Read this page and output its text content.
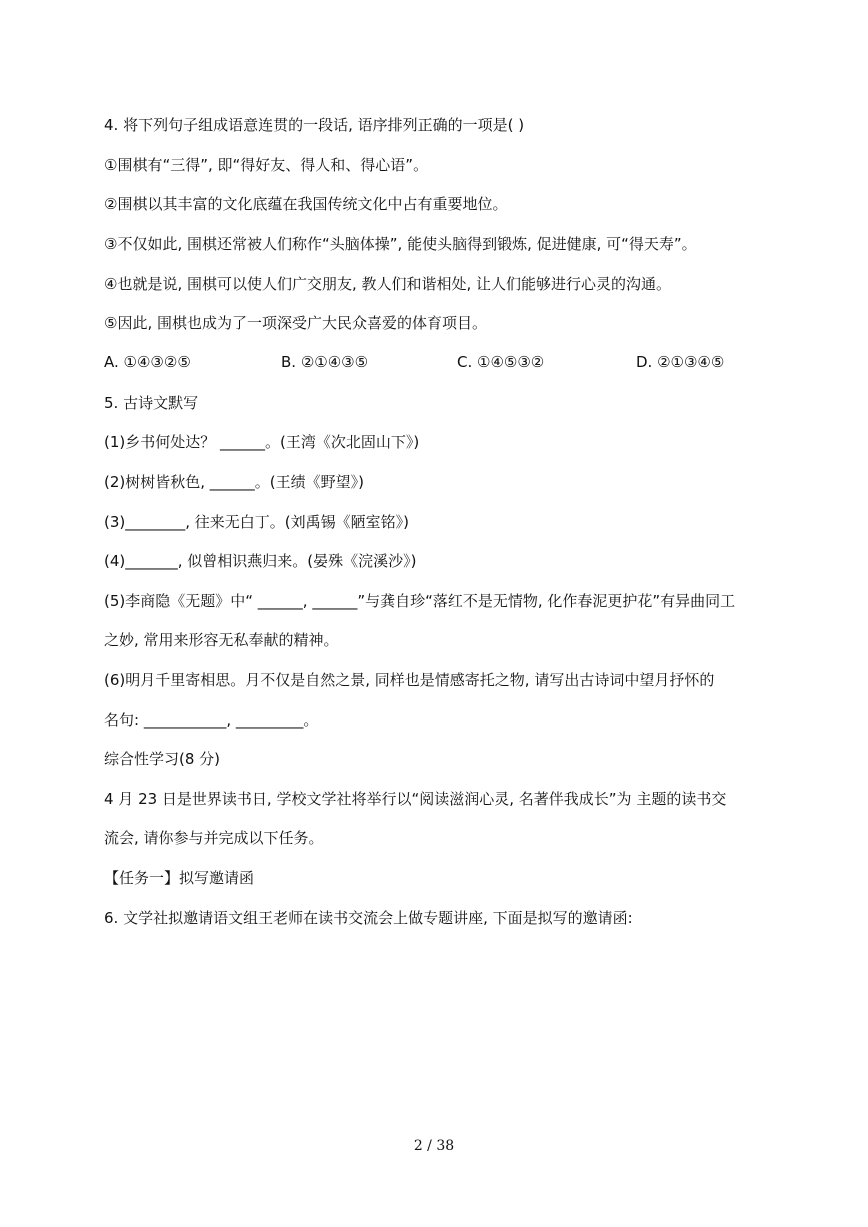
4. 将下列句子组成语意连贯的一段话, 语序排列正确的一项是( )
①围棋有“三得”, 即“得好友、得人和、得心语”。
②围棋以其丰富的文化底蕴在我国传统文化中占有重要地位。
③不仅如此, 围棋还常被人们称作“头脑体操”, 能使头脑得到锻炼, 促进健康, 可“得天寿”。
④也就是说, 围棋可以使人们广交朋友, 教人们和谐相处, 让人们能够进行心灵的沟通。
⑤因此, 围棋也成为了一项深受广大民众喜爱的体育项目。
A. ①④③②⑤	B. ②①④③⑤	C. ①④⑤③②	D. ②①③④⑤
5. 古诗文默写
(1)乡书何处达？ ______。(王湾《次北固山下》)
(2)树树皆秋色, ______。(王绩《野望》)
(3)________, 往来无白丁。(刘禹锡《陋室铭》)
(4)_______, 似曾相识燕归来。(晏殊《浣溪沙》)
(5)李商隐《无题》中“ ______, ______”与龚自珍“落红不是无情物, 化作春泥更护花”有异曲同工
之妙, 常用来形容无私奉献的精神。
(6)明月千里寄相思。月不仅是自然之景, 同样也是情感寄托之物, 请写出古诗词中望月抒怀的
名句: ___________, _________。
综合性学习(8 分)
4 月 23 日是世界读书日, 学校文学社将举行以“阅读滋润心灵, 名著伴我成长”为 主题的读书交
流会, 请你参与并完成以下任务。
【任务一】拟写邀请函
6. 文学社拟邀请语文组王老师在读书交流会上做专题讲座, 下面是拟写的邀请函:
2 / 38
